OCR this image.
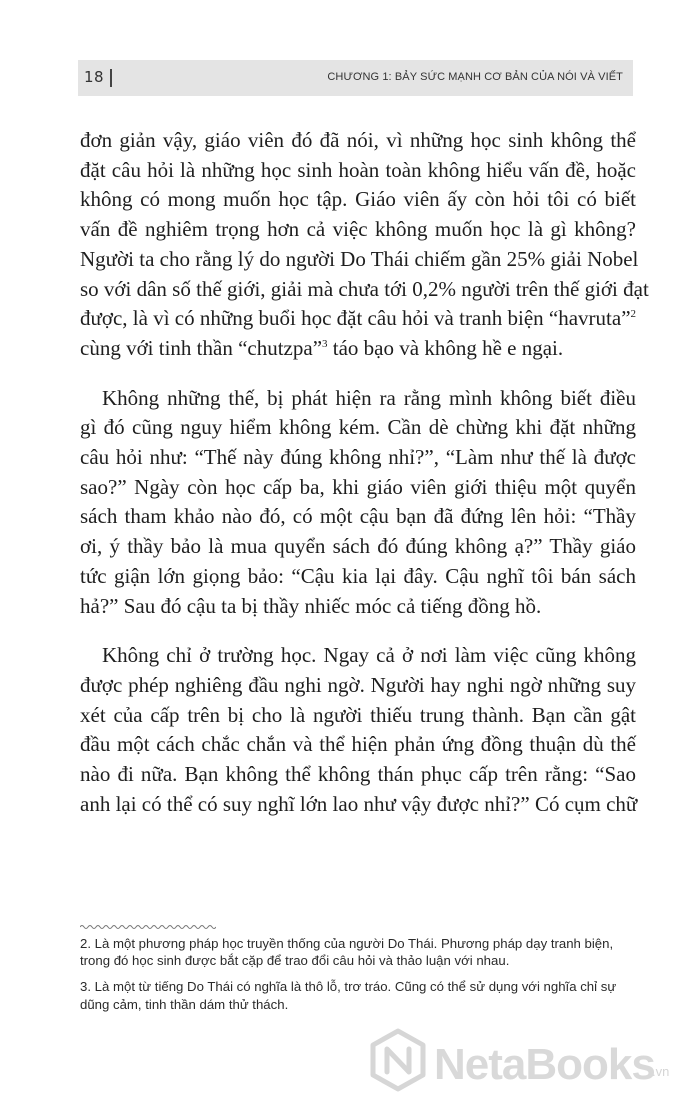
18	CHƯƠNG 1: BẢY SỨC MẠNH CƠ BẢN CỦA NÓI VÀ VIẾT

đơn giản vậy, giáo viên đó đã nói, vì những học sinh không thể
đặt câu hỏi là những học sinh hoàn toàn không hiểu vấn đề, hoặc
không có mong muốn học tập. Giáo viên ấy còn hỏi tôi có biết
vấn đề nghiêm trọng hơn cả việc không muốn học là gì không?
Người ta cho rằng lý do người Do Thái chiếm gần 25% giải Nobel
so với dân số thế giới, giải mà chưa tới 0,2% người trên thế giới đạt
được, là vì có những buổi học đặt câu hỏi và tranh biện “havruta”$^2$
cùng với tinh thần “chutzpa”$^3$ táo bạo và không hề e ngại.

Không những thế, bị phát hiện ra rằng mình không biết điều
gì đó cũng nguy hiểm không kém. Cần dè chừng khi đặt những
câu hỏi như: “Thế này đúng không nhỉ?”, “Làm như thế là được
sao?” Ngày còn học cấp ba, khi giáo viên giới thiệu một quyển
sách tham khảo nào đó, có một cậu bạn đã đứng lên hỏi: “Thầy
ơi, ý thầy bảo là mua quyển sách đó đúng không ạ?” Thầy giáo
tức giận lớn giọng bảo: “Cậu kia lại đây. Cậu nghĩ tôi bán sách
hả?” Sau đó cậu ta bị thầy nhiếc móc cả tiếng đồng hồ.

Không chỉ ở trường học. Ngay cả ở nơi làm việc cũng không
được phép nghiêng đầu nghi ngờ. Người hay nghi ngờ những suy
xét của cấp trên bị cho là người thiếu trung thành. Bạn cần gật
đầu một cách chắc chắn và thể hiện phản ứng đồng thuận dù thế
nào đi nữa. Bạn không thể không thán phục cấp trên rằng: “Sao
anh lại có thể có suy nghĩ lớn lao như vậy được nhỉ?” Có cụm chữ

2. Là một phương pháp học truyền thống của người Do Thái. Phương pháp dạy tranh biện, trong đó học sinh được bắt cặp để trao đổi câu hỏi và thảo luận với nhau.

3. Là một từ tiếng Do Thái có nghĩa là thô lỗ, trơ tráo. Cũng có thể sử dụng với nghĩa chỉ sự dũng cảm, tinh thần dám thử thách.

NetaBooks
.vn
